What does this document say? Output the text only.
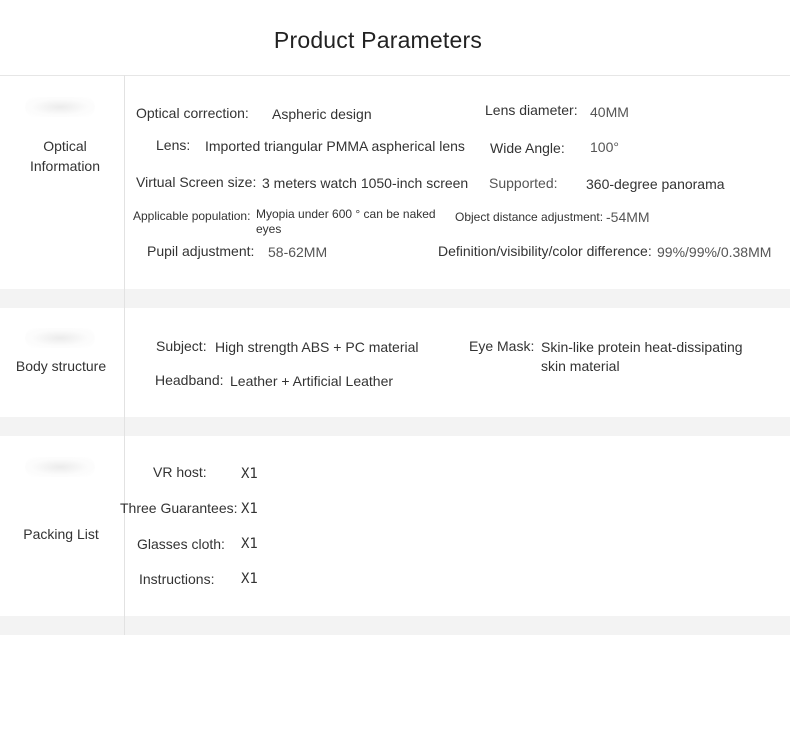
Product Parameters
Optical
Information
Optical correction: Aspheric design	Lens diameter: 40MM
Lens: Imported triangular PMMA aspherical lens Wide Angle: 100°
Virtual Screen size: 3 meters watch 1050-inch screen Supported: 360-degree panorama
Applicable population: Myopia under 600 ° can be naked eyes
Object distance adjustment: -54MM
Pupil adjustment: 58-62MM	Definition/visibility/color difference: 99%/99%/0.38MM
Body structure
Subject: High strength ABS + PC material	Eye Mask: Skin-like protein heat-dissipating skin material
Headband: Leather + Artificial Leather
Packing List
VR host: X1
Three Guarantees: X1
Glasses cloth: X1
Instructions: X1
